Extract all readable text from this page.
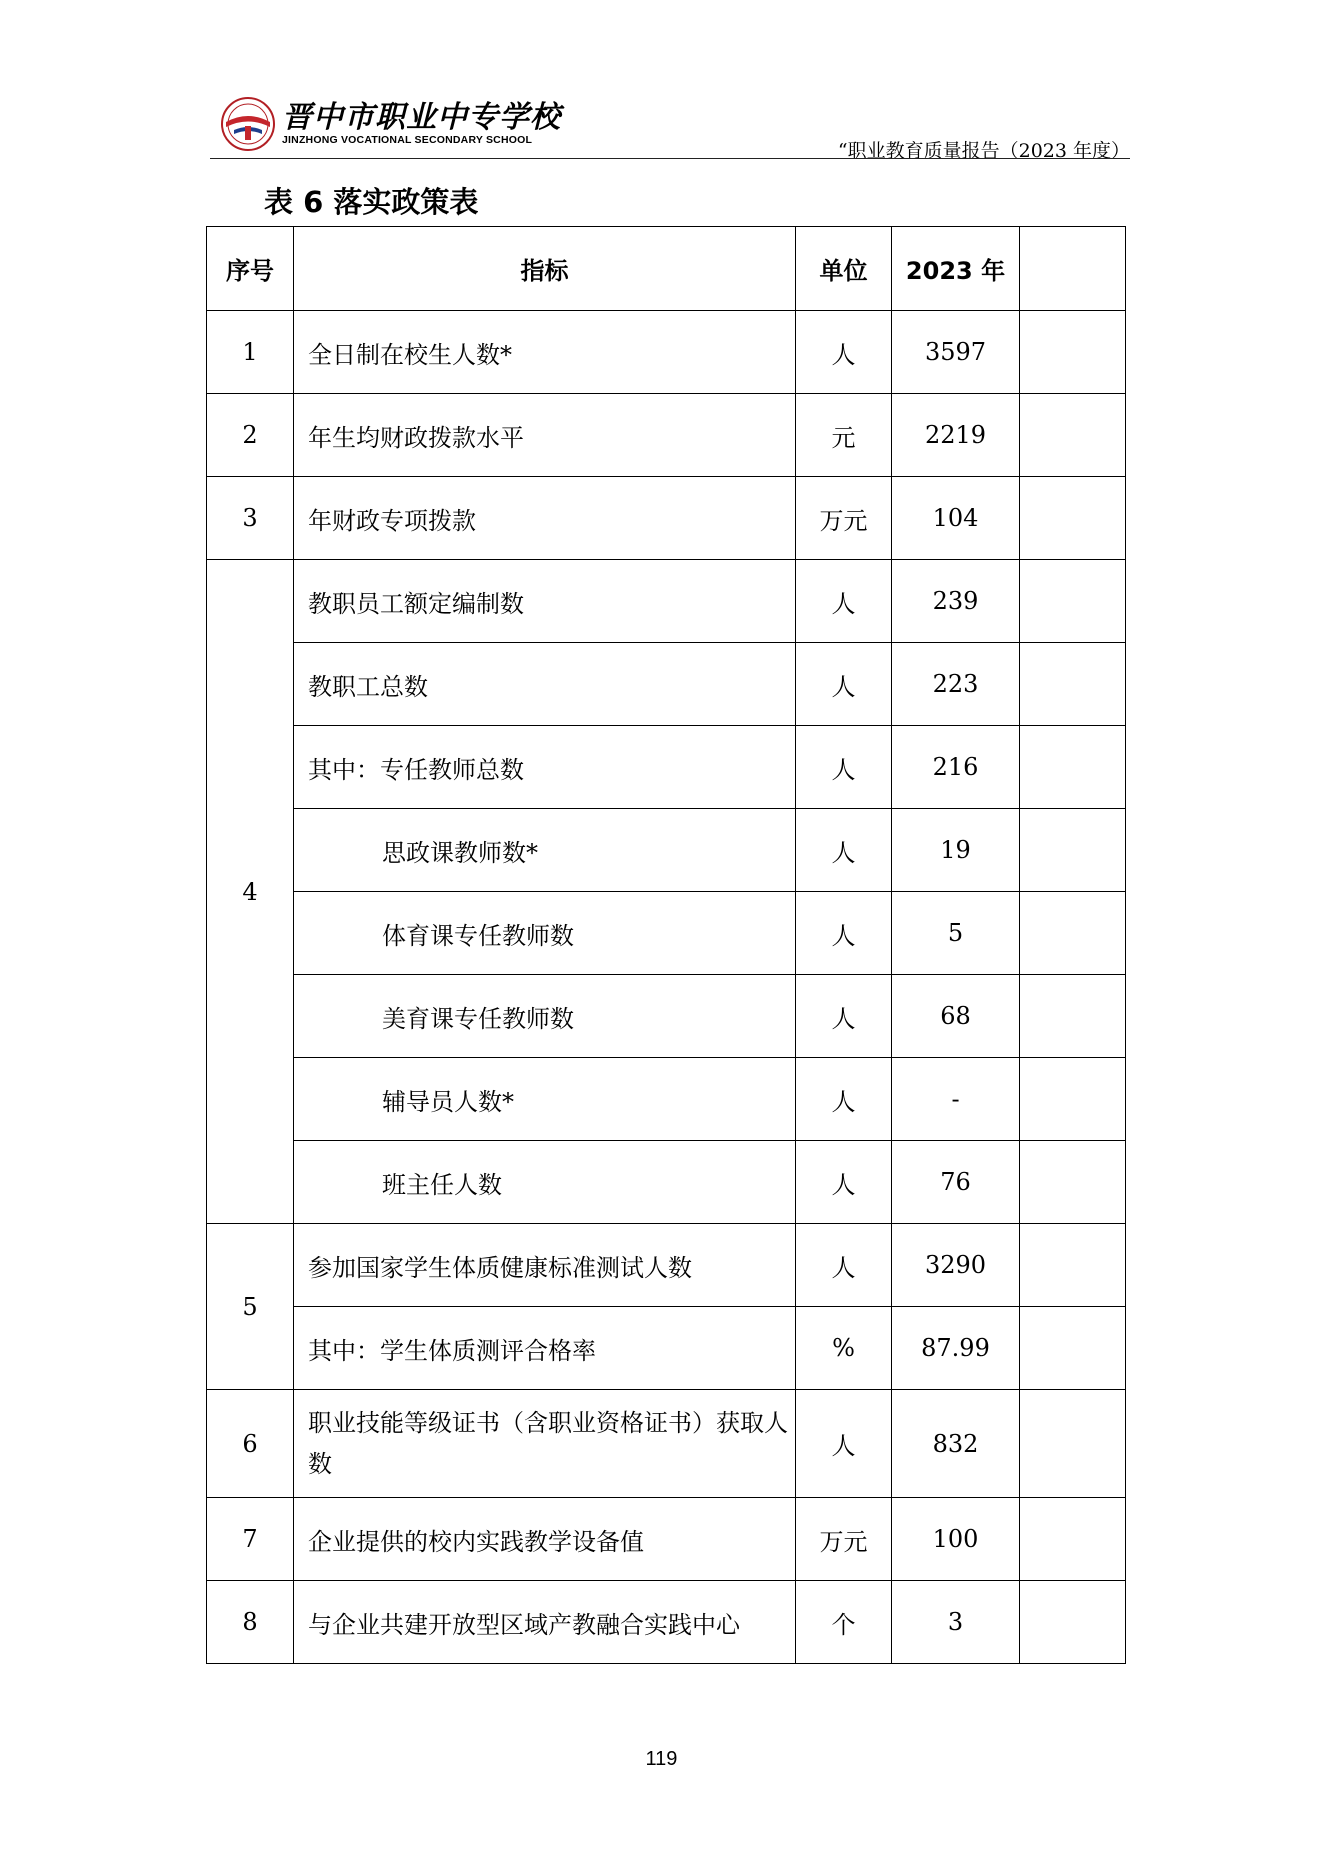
晋中市职业中专学校
JINZHONG VOCATIONAL SECONDARY SCHOOL	“职业教育质量报告（2023 年度）
表 6 落实政策表
序号	指标	单位	2023 年	
1	全日制在校生人数*	人	3597	
2	年生均财政拨款水平	元	2219	
3	年财政专项拨款	万元	104	
4	教职员工额定编制数	人	239	
	教职工总数	人	223	
	其中：专任教师总数	人	216	
	思政课教师数*	人	19	
	体育课专任教师数	人	5	
	美育课专任教师数	人	68	
	辅导员人数*	人	-	
	班主任人数	人	76	
5	参加国家学生体质健康标准测试人数	人	3290	
	其中：学生体质测评合格率	%	87.99	
6	职业技能等级证书（含职业资格证书）获取人数	人	832	
7	企业提供的校内实践教学设备值	万元	100	
8	与企业共建开放型区域产教融合实践中心	个	3	
119
